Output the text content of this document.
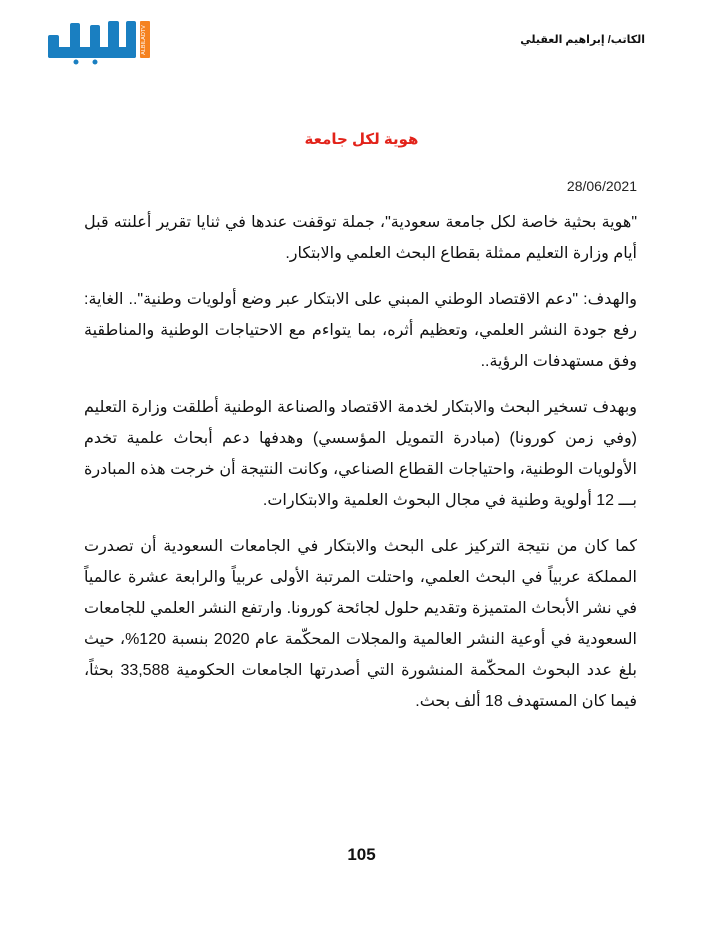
ALBILADTV	الكاتب/ إبراهيم العقيلي
هوية لكل جامعة
28/06/2021

"هوية بحثية خاصة لكل جامعة سعودية"، جملة توقفت عندها في ثنايا تقرير أعلنته قبل أيام وزارة التعليم ممثلة بقطاع البحث العلمي والابتكار.

والهدف: "دعم الاقتصاد الوطني المبني على الابتكار عبر وضع أولويات وطنية".. الغاية: رفع جودة النشر العلمي، وتعظيم أثره، بما يتواءم مع الاحتياجات الوطنية والمناطقية وفق مستهدفات الرؤية..

وبهدف تسخير البحث والابتكار لخدمة الاقتصاد والصناعة الوطنية أطلقت وزارة التعليم (وفي زمن كورونا) (مبادرة التمويل المؤسسي) وهدفها دعم أبحاث علمية تخدم الأولويات الوطنية، واحتياجات القطاع الصناعي، وكانت النتيجة أن خرجت هذه المبادرة بـــ 12 أولوية وطنية في مجال البحوث العلمية والابتكارات.

كما كان من نتيجة التركيز على البحث والابتكار في الجامعات السعودية أن تصدرت المملكة عربياً في البحث العلمي، واحتلت المرتبة الأولى عربياً والرابعة عشرة عالمياً في نشر الأبحاث المتميزة وتقديم حلول لجائحة كورونا. وارتفع النشر العلمي للجامعات السعودية في أوعية النشر العالمية والمجلات المحكّمة عام 2020 بنسبة 120%، حيث بلغ عدد البحوث المحكّمة المنشورة التي أصدرتها الجامعات الحكومية 33,588 بحثاً، فيما كان المستهدف 18 ألف بحث.

105
